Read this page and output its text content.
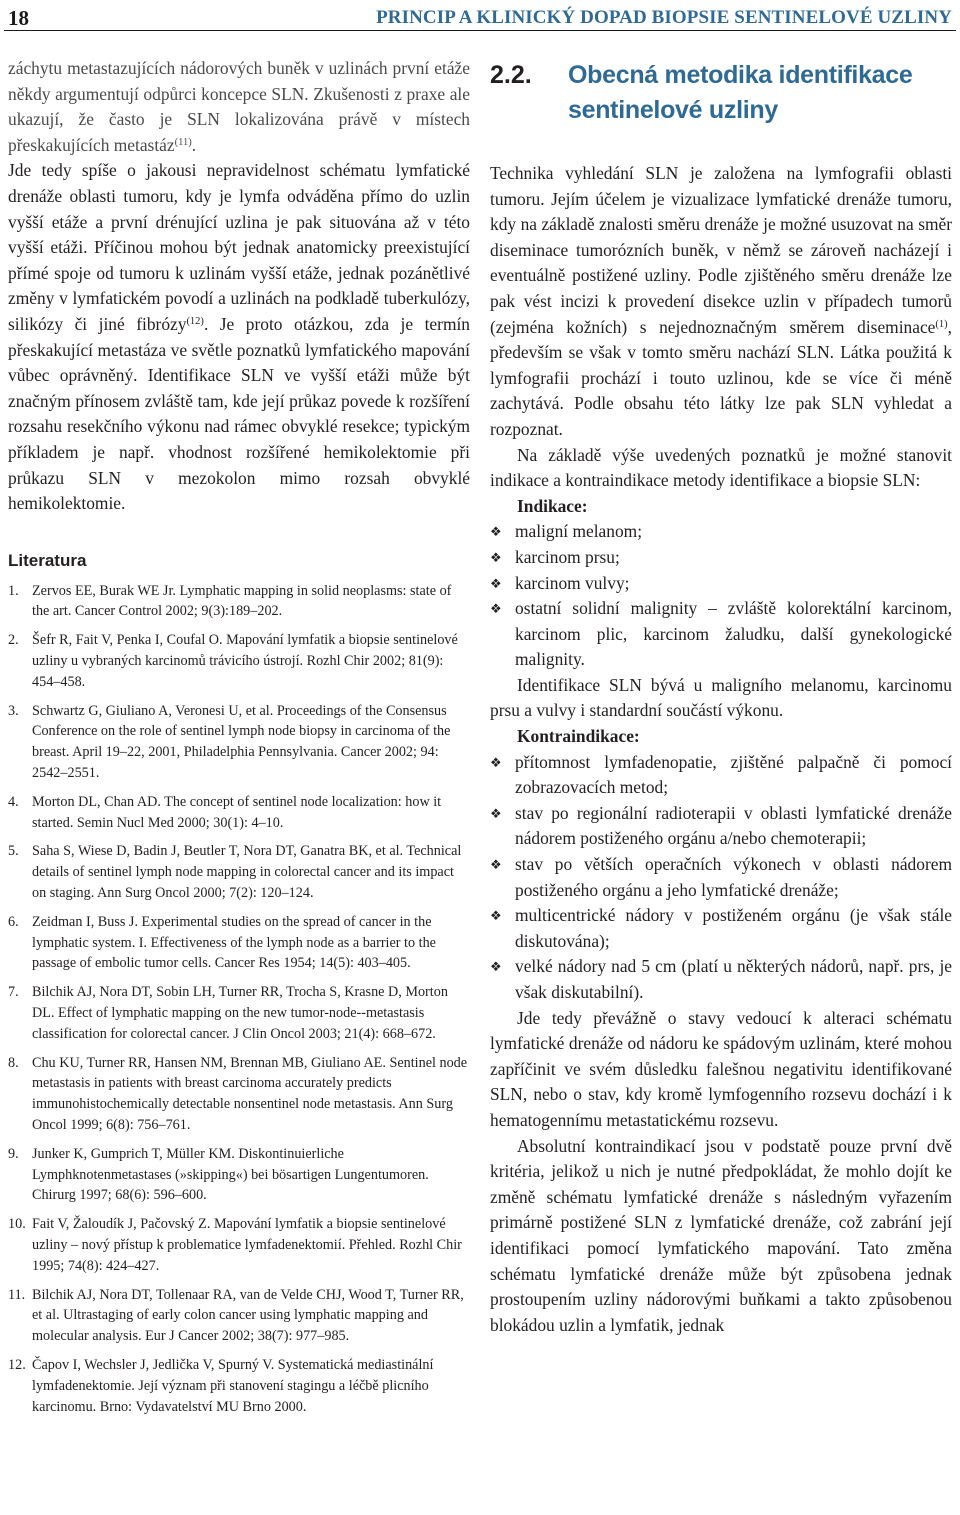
18	PRINCIP A KLINICKÝ DOPAD BIOPSIE SENTINELOVÉ UZLINY

záchytu metastazujících nádorových buněk v uzlinách první etáže někdy argumentují odpůrci koncepce SLN. Zkušenosti z praxe ale ukazují, že často je SLN lokalizována právě v místech přeskakujících metastáz$^{(11)}$.

Jde tedy spíše o jakousi nepravidelnost schématu lymfatické drenáže oblasti tumoru, kdy je lymfa odváděna přímo do uzlin vyšší etáže a první drénující uzlina je pak situována až v této vyšší etáži. Příčinou mohou být jednak anatomicky preexistující přímé spoje od tumoru k uzlinám vyšší etáže, jednak pozánětlivé změny v lymfatickém povodí a uzlinách na podkladě tuberkulózy, silikózy či jiné fibrózy$^{(12)}$. Je proto otázkou, zda je termín přeskakující metastáza ve světle poznatků lymfatického mapování vůbec oprávněný. Identifikace SLN ve vyšší etáži může být značným přínosem zvláště tam, kde její průkaz povede k rozšíření rozsahu resekčního výkonu nad rámec obvyklé resekce; typickým příkladem je např. vhodnost rozšířené hemikolektomie při průkazu SLN v mezokolon mimo rozsah obvyklé hemikolektomie.

Literatura
1. Zervos EE, Burak WE Jr. Lymphatic mapping in solid neoplasms: state of the art. Cancer Control 2002; 9(3):189–202.
2. Šefr R, Fait V, Penka I, Coufal O. Mapování lymfatik a biopsie sentinelové uzliny u vybraných karcinomů trávicího ústrojí. Rozhl Chir 2002; 81(9): 454–458.
3. Schwartz G, Giuliano A, Veronesi U, et al. Proceedings of the Consensus Conference on the role of sentinel lymph node biopsy in carcinoma of the breast. April 19–22, 2001, Philadelphia Pennsylvania. Cancer 2002; 94: 2542–2551.
4. Morton DL, Chan AD. The concept of sentinel node localization: how it started. Semin Nucl Med 2000; 30(1): 4–10.
5. Saha S, Wiese D, Badin J, Beutler T, Nora DT, Ganatra BK, et al. Technical details of sentinel lymph node mapping in colorectal cancer and its impact on staging. Ann Surg Oncol 2000; 7(2): 120–124.
6. Zeidman I, Buss J. Experimental studies on the spread of cancer in the lymphatic system. I. Effectiveness of the lymph node as a barrier to the passage of embolic tumor cells. Cancer Res 1954; 14(5): 403–405.
7. Bilchik AJ, Nora DT, Sobin LH, Turner RR, Trocha S, Krasne D, Morton DL. Effect of lymphatic mapping on the new tumor-node--metastasis classification for colorectal cancer. J Clin Oncol 2003; 21(4): 668–672.
8. Chu KU, Turner RR, Hansen NM, Brennan MB, Giuliano AE. Sentinel node metastasis in patients with breast carcinoma accurately predicts immunohistochemically detectable nonsentinel node metastasis. Ann Surg Oncol 1999; 6(8): 756–761.
9. Junker K, Gumprich T, Müller KM. Diskontinuierliche Lymphknotenmetastases (»skipping«) bei bösartigen Lungentumoren. Chirurg 1997; 68(6): 596–600.
10. Fait V, Žaloudík J, Pačovský Z. Mapování lymfatik a biopsie sentinelové uzliny – nový přístup k problematice lymfadenektomií. Přehled. Rozhl Chir 1995; 74(8): 424–427.
11. Bilchik AJ, Nora DT, Tollenaar RA, van de Velde CHJ, Wood T, Turner RR, et al. Ultrastaging of early colon cancer using lymphatic mapping and molecular analysis. Eur J Cancer 2002; 38(7): 977–985.
12. Čapov I, Wechsler J, Jedlička V, Spurný V. Systematická mediastinální lymfadenektomie. Její význam při stanovení stagingu a léčbě plicního karcinomu. Brno: Vydavatelství MU Brno 2000.
2.2.	Obecná metodika identifikace sentinelové uzliny

Technika vyhledání SLN je založena na lymfografii oblasti tumoru. Jejím účelem je vizualizace lymfatické drenáže tumoru, kdy na základě znalosti směru drenáže je možné usuzovat na směr diseminace tumorózních buněk, v němž se zároveň nacházejí i eventuálně postižené uzliny. Podle zjištěného směru drenáže lze pak vést incizi k provedení disekce uzlin v případech tumorů (zejména kožních) s nejednoznačným směrem diseminace$^{(1)}$, především se však v tomto směru nachází SLN. Látka použitá k lymfografii prochází i touto uzlinou, kde se více či méně zachytává. Podle obsahu této látky lze pak SLN vyhledat a rozpoznat.

Na základě výše uvedených poznatků je možné stanovit indikace a kontraindikace metody identifikace a biopsie SLN:

Indikace:
❖ maligní melanom;
❖ karcinom prsu;
❖ karcinom vulvy;
❖ ostatní solidní malignity – zvláště kolorektální karcinom, karcinom plic, karcinom žaludku, další gynekologické malignity.

Identifikace SLN bývá u maligního melanomu, karcinomu prsu a vulvy i standardní součástí výkonu.

Kontraindikace:
❖ přítomnost lymfadenopatie, zjištěné palpačně či pomocí zobrazovacích metod;
❖ stav po regionální radioterapii v oblasti lymfatické drenáže nádorem postiženého orgánu a/nebo chemoterapii;
❖ stav po větších operačních výkonech v oblasti nádorem postiženého orgánu a jeho lymfatické drenáže;
❖ multicentrické nádory v postiženém orgánu (je však stále diskutována);
❖ velké nádory nad 5 cm (platí u některých nádorů, např. prs, je však diskutabilní).

Jde tedy převážně o stavy vedoucí k alteraci schématu lymfatické drenáže od nádoru ke spádovým uzlinám, které mohou zapříčinit ve svém důsledku falešnou negativitu identifikované SLN, nebo o stav, kdy kromě lymfogenního rozsevu dochází i k hematogennímu metastatickému rozsevu.

Absolutní kontraindikací jsou v podstatě pouze první dvě kritéria, jelikož u nich je nutné předpokládat, že mohlo dojít ke změně schématu lymfatické drenáže s následným vyřazením primárně postižené SLN z lymfatické drenáže, což zabrání její identifikaci pomocí lymfatického mapování. Tato změna schématu lymfatické drenáže může být způsobena jednak prostoupením uzliny nádorovými buňkami a takto způsobenou blokádou uzlin a lymfatik, jednak
